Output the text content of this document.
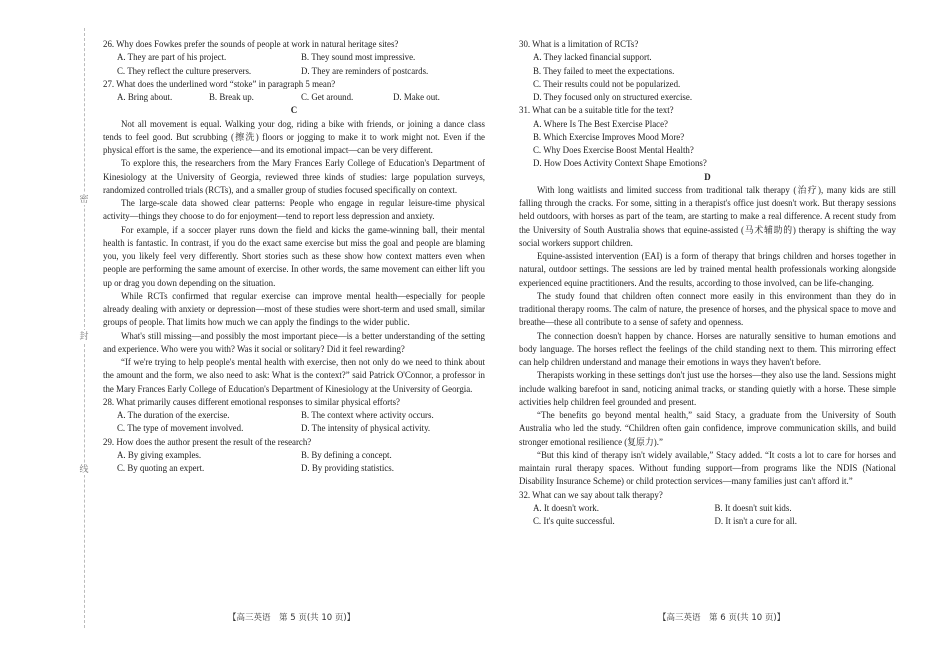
密
封
线

26. Why does Fowkes prefer the sounds of people at work in natural heritage sites?

A. They are part of his project.	B. They sound most impressive.
C. They reflect the culture preservers.	D. They are reminders of postcards.

27. What does the underlined word “stoke” in paragraph 5 mean?

A. Bring about.	B. Break up.	C. Get around.	D. Make out.

C

Not all movement is equal. Walking your dog, riding a bike with friends, or joining a dance class tends to feel good. But scrubbing (擦洗) floors or jogging to make it to work might not. Even if the physical effort is the same, the experience—and its emotional impact—can be very different.

To explore this, the researchers from the Mary Frances Early College of Education's Department of Kinesiology at the University of Georgia, reviewed three kinds of studies: large population surveys, randomized controlled trials (RCTs), and a smaller group of studies focused specifically on context.

The large-scale data showed clear patterns: People who engage in regular leisure-time physical activity—things they choose to do for enjoyment—tend to report less depression and anxiety.

For example, if a soccer player runs down the field and kicks the game-winning ball, their mental health is fantastic. In contrast, if you do the exact same exercise but miss the goal and people are blaming you, you likely feel very differently. Short stories such as these show how context matters even when people are performing the same amount of exercise. In other words, the same movement can either lift you up or drag you down depending on the situation.

While RCTs confirmed that regular exercise can improve mental health—especially for people already dealing with anxiety or depression—most of these studies were short-term and used small, similar groups of people. That limits how much we can apply the findings to the wider public.

What's still missing—and possibly the most important piece—is a better understanding of the setting and experience. Who were you with? Was it social or solitary? Did it feel rewarding?

“If we're trying to help people's mental health with exercise, then not only do we need to think about the amount and the form, we also need to ask: What is the context?” said Patrick O'Connor, a professor in the Mary Frances Early College of Education's Department of Kinesiology at the University of Georgia.

28. What primarily causes different emotional responses to similar physical efforts?

A. The duration of the exercise.	B. The context where activity occurs.
C. The type of movement involved.	D. The intensity of physical activity.

29. How does the author present the result of the research?

A. By giving examples.	B. By defining a concept.
C. By quoting an expert.	D. By providing statistics.

30. What is a limitation of RCTs?

A. They lacked financial support.
B. They failed to meet the expectations.
C. Their results could not be popularized.
D. They focused only on structured exercise.

31. What can be a suitable title for the text?

A. Where Is The Best Exercise Place?
B. Which Exercise Improves Mood More?
C. Why Does Exercise Boost Mental Health?
D. How Does Activity Context Shape Emotions?

D

With long waitlists and limited success from traditional talk therapy (治疗), many kids are still falling through the cracks. For some, sitting in a therapist's office just doesn't work. But therapy sessions held outdoors, with horses as part of the team, are starting to make a real difference. A recent study from the University of South Australia shows that equine-assisted (马术辅助的) therapy is shifting the way social workers support children.

Equine-assisted intervention (EAI) is a form of therapy that brings children and horses together in natural, outdoor settings. The sessions are led by trained mental health professionals working alongside experienced equine practitioners. And the results, according to those involved, can be life-changing.

The study found that children often connect more easily in this environment than they do in traditional therapy rooms. The calm of nature, the presence of horses, and the physical space to move and breathe—these all contribute to a sense of safety and openness.

The connection doesn't happen by chance. Horses are naturally sensitive to human emotions and body language. The horses reflect the feelings of the child standing next to them. This mirroring effect can help children understand and manage their emotions in ways they haven't before.

Therapists working in these settings don't just use the horses—they also use the land. Sessions might include walking barefoot in sand, noticing animal tracks, or standing quietly with a horse. These simple activities help children feel grounded and present.

“The benefits go beyond mental health,” said Stacy, a graduate from the University of South Australia who led the study. “Children often gain confidence, improve communication skills, and build stronger emotional resilience (复原力).”

“But this kind of therapy isn't widely available,” Stacy added. “It costs a lot to care for horses and maintain rural therapy spaces. Without funding support—from programs like the NDIS (National Disability Insurance Scheme) or child protection services—many families just can't afford it.”

32. What can we say about talk therapy?

A. It doesn't work.	B. It doesn't suit kids.
C. It's quite successful.	D. It isn't a cure for all.
【高三英语　第 5 页(共 10 页)】	【高三英语　第 6 页(共 10 页)】
